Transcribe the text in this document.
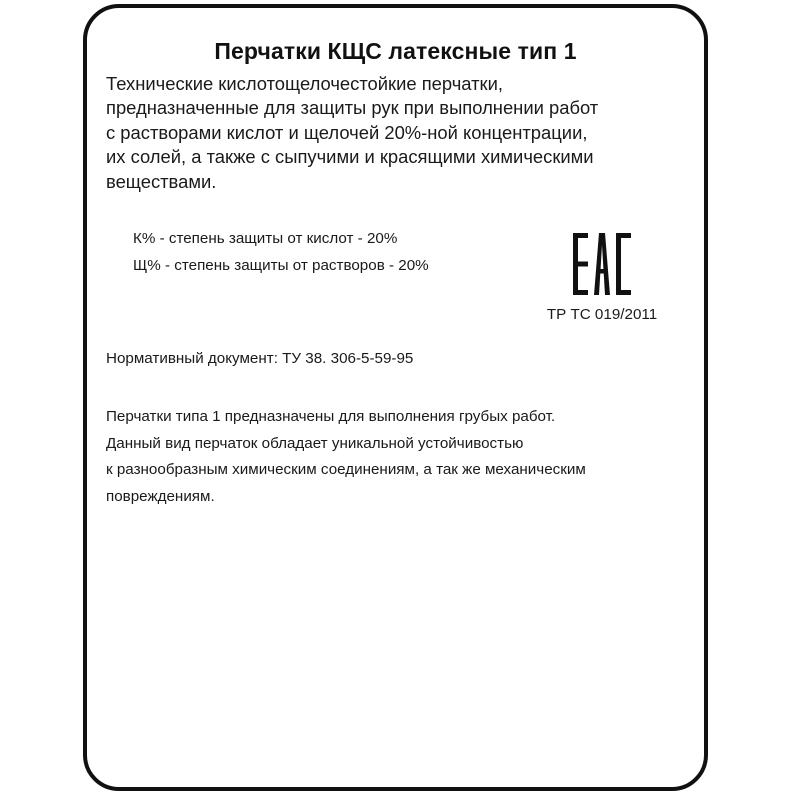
Перчатки КЩС латексные тип 1
Технические кислотощелочестойкие перчатки,
предназначенные для защиты рук при выполнении работ
с растворами кислот и щелочей 20%-ной концентрации,
их солей, а также с сыпучими и красящими химическими
веществами.
К% - степень защиты от кислот - 20%
Щ% - степень защиты от растворов - 20%
ТР ТС 019/2011
Нормативный документ: ТУ 38. 306-5-59-95
Перчатки типа 1 предназначены для выполнения грубых работ.
Данный вид перчаток обладает уникальной устойчивостью
к разнообразным химическим соединениям, а так же механическим
повреждениям.
